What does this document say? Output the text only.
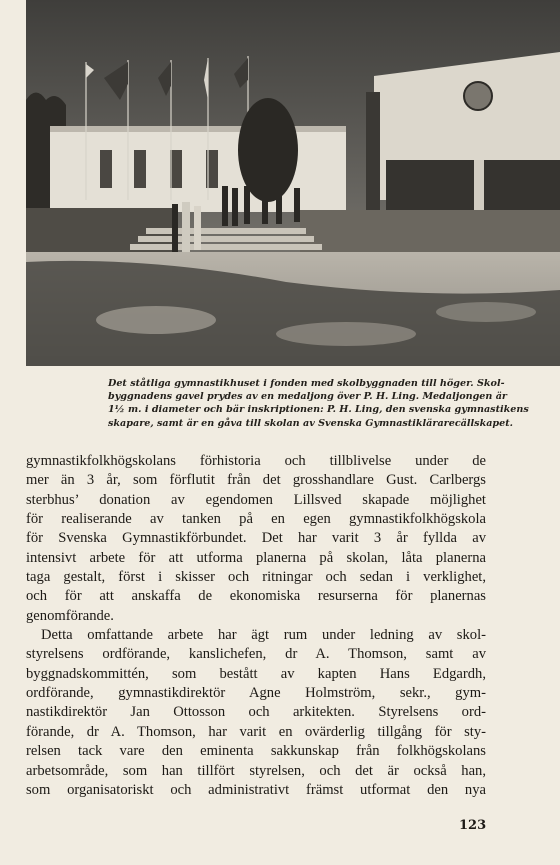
Det ståtliga gymnastikhuset i fonden med skolbyggnaden till höger. Skol-
byggnadens gavel prydes av en medaljong över P. H. Ling. Medaljongen är
1½ m. i diameter och bär inskriptionen: P. H. Ling, den svenska gymnastikens
skapare, samt är en gåva till skolan av Svenska Gymnastiklärareсällskapet.

gymnastikfolkhögskolans förhistoria och tillblivelse under de
mer än 3 år, som förflutit från det grosshandlare Gust. Carlbergs
sterbhus’ donation av egendomen Lillsved skapade möjlighet
för realiserande av tanken på en egen gymnastikfolkhögskola
för Svenska Gymnastikförbundet. Det har varit 3 år fyllda av
intensivt arbete för att utforma planerna på skolan, låta planerna
taga gestalt, först i skisser och ritningar och sedan i verklighet,
och för att anskaffa de ekonomiska resurserna för planernas
genomförande.

Detta omfattande arbete har ägt rum under ledning av skol-
styrelsens ordförande, kanslichefen, dr A. Thomson, samt av
byggnadskommittén, som bestått av kapten Hans Edgardh,
ordförande, gymnastikdirektör Agne Holmström, sekr., gym-
nastikdirektör Jan Ottosson och arkitekten. Styrelsens ord-
förande, dr A. Thomson, har varit en ovärderlig tillgång för sty-
relsen tack vare den eminenta sakkunskap från folkhögskolans
arbetsområde, som han tillfört styrelsen, och det är också han,
som organisatoriskt och administrativt främst utformat den nya

123
